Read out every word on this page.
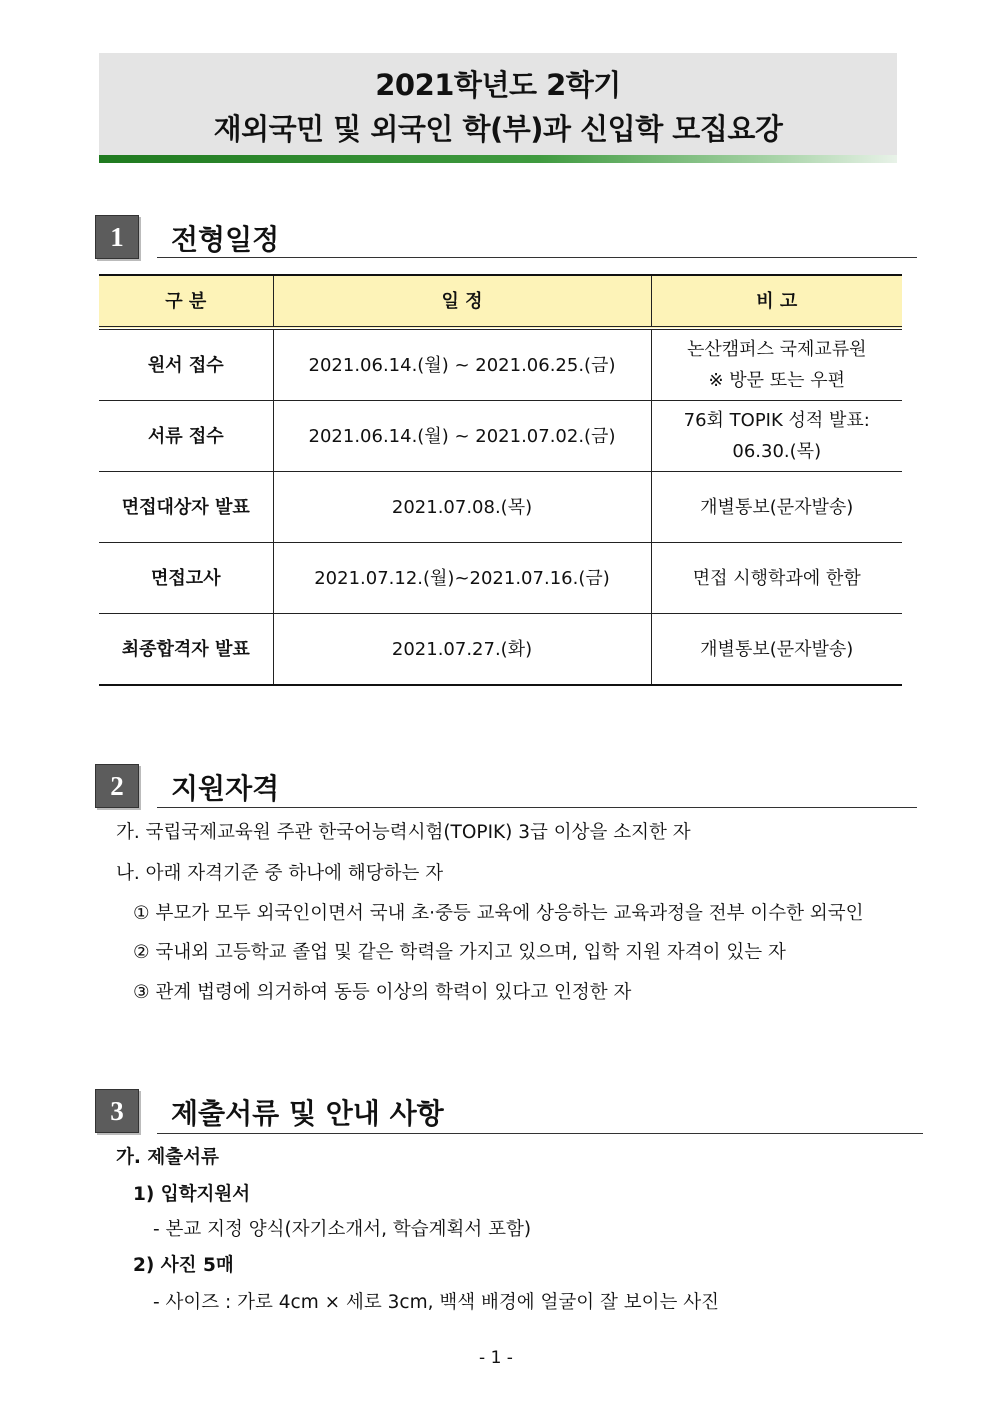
2021학년도 2학기
재외국민 및 외국인 학(부)과 신입학 모집요강
1	전형일정
구 분	일 정	비 고
원서 접수	2021.06.14.(월) ~ 2021.06.25.(금)	논산캠퍼스 국제교류원
※ 방문 또는 우편

서류 접수	2021.06.14.(월) ~ 2021.07.02.(금)	76회 TOPIK 성적 발표:
06.30.(목)

면접대상자 발표	2021.07.08.(목)	개별통보(문자발송)
면접고사	2021.07.12.(월)~2021.07.16.(금)	면접 시행학과에 한함
최종합격자 발표	2021.07.27.(화)	개별통보(문자발송)
2	지원자격
가. 국립국제교육원 주관 한국어능력시험(TOPIK) 3급 이상을 소지한 자
나. 아래 자격기준 중 하나에 해당하는 자
① 부모가 모두 외국인이면서 국내 초·중등 교육에 상응하는 교육과정을 전부 이수한 외국인
② 국내외 고등학교 졸업 및 같은 학력을 가지고 있으며, 입학 지원 자격이 있는 자
③ 관계 법령에 의거하여 동등 이상의 학력이 있다고 인정한 자
3	제출서류 및 안내 사항
가. 제출서류
1) 입학지원서
- 본교 지정 양식(자기소개서, 학습계획서 포함)
2) 사진 5매
- 사이즈 : 가로 4cm × 세로 3cm, 백색 배경에 얼굴이 잘 보이는 사진
- 1 -
